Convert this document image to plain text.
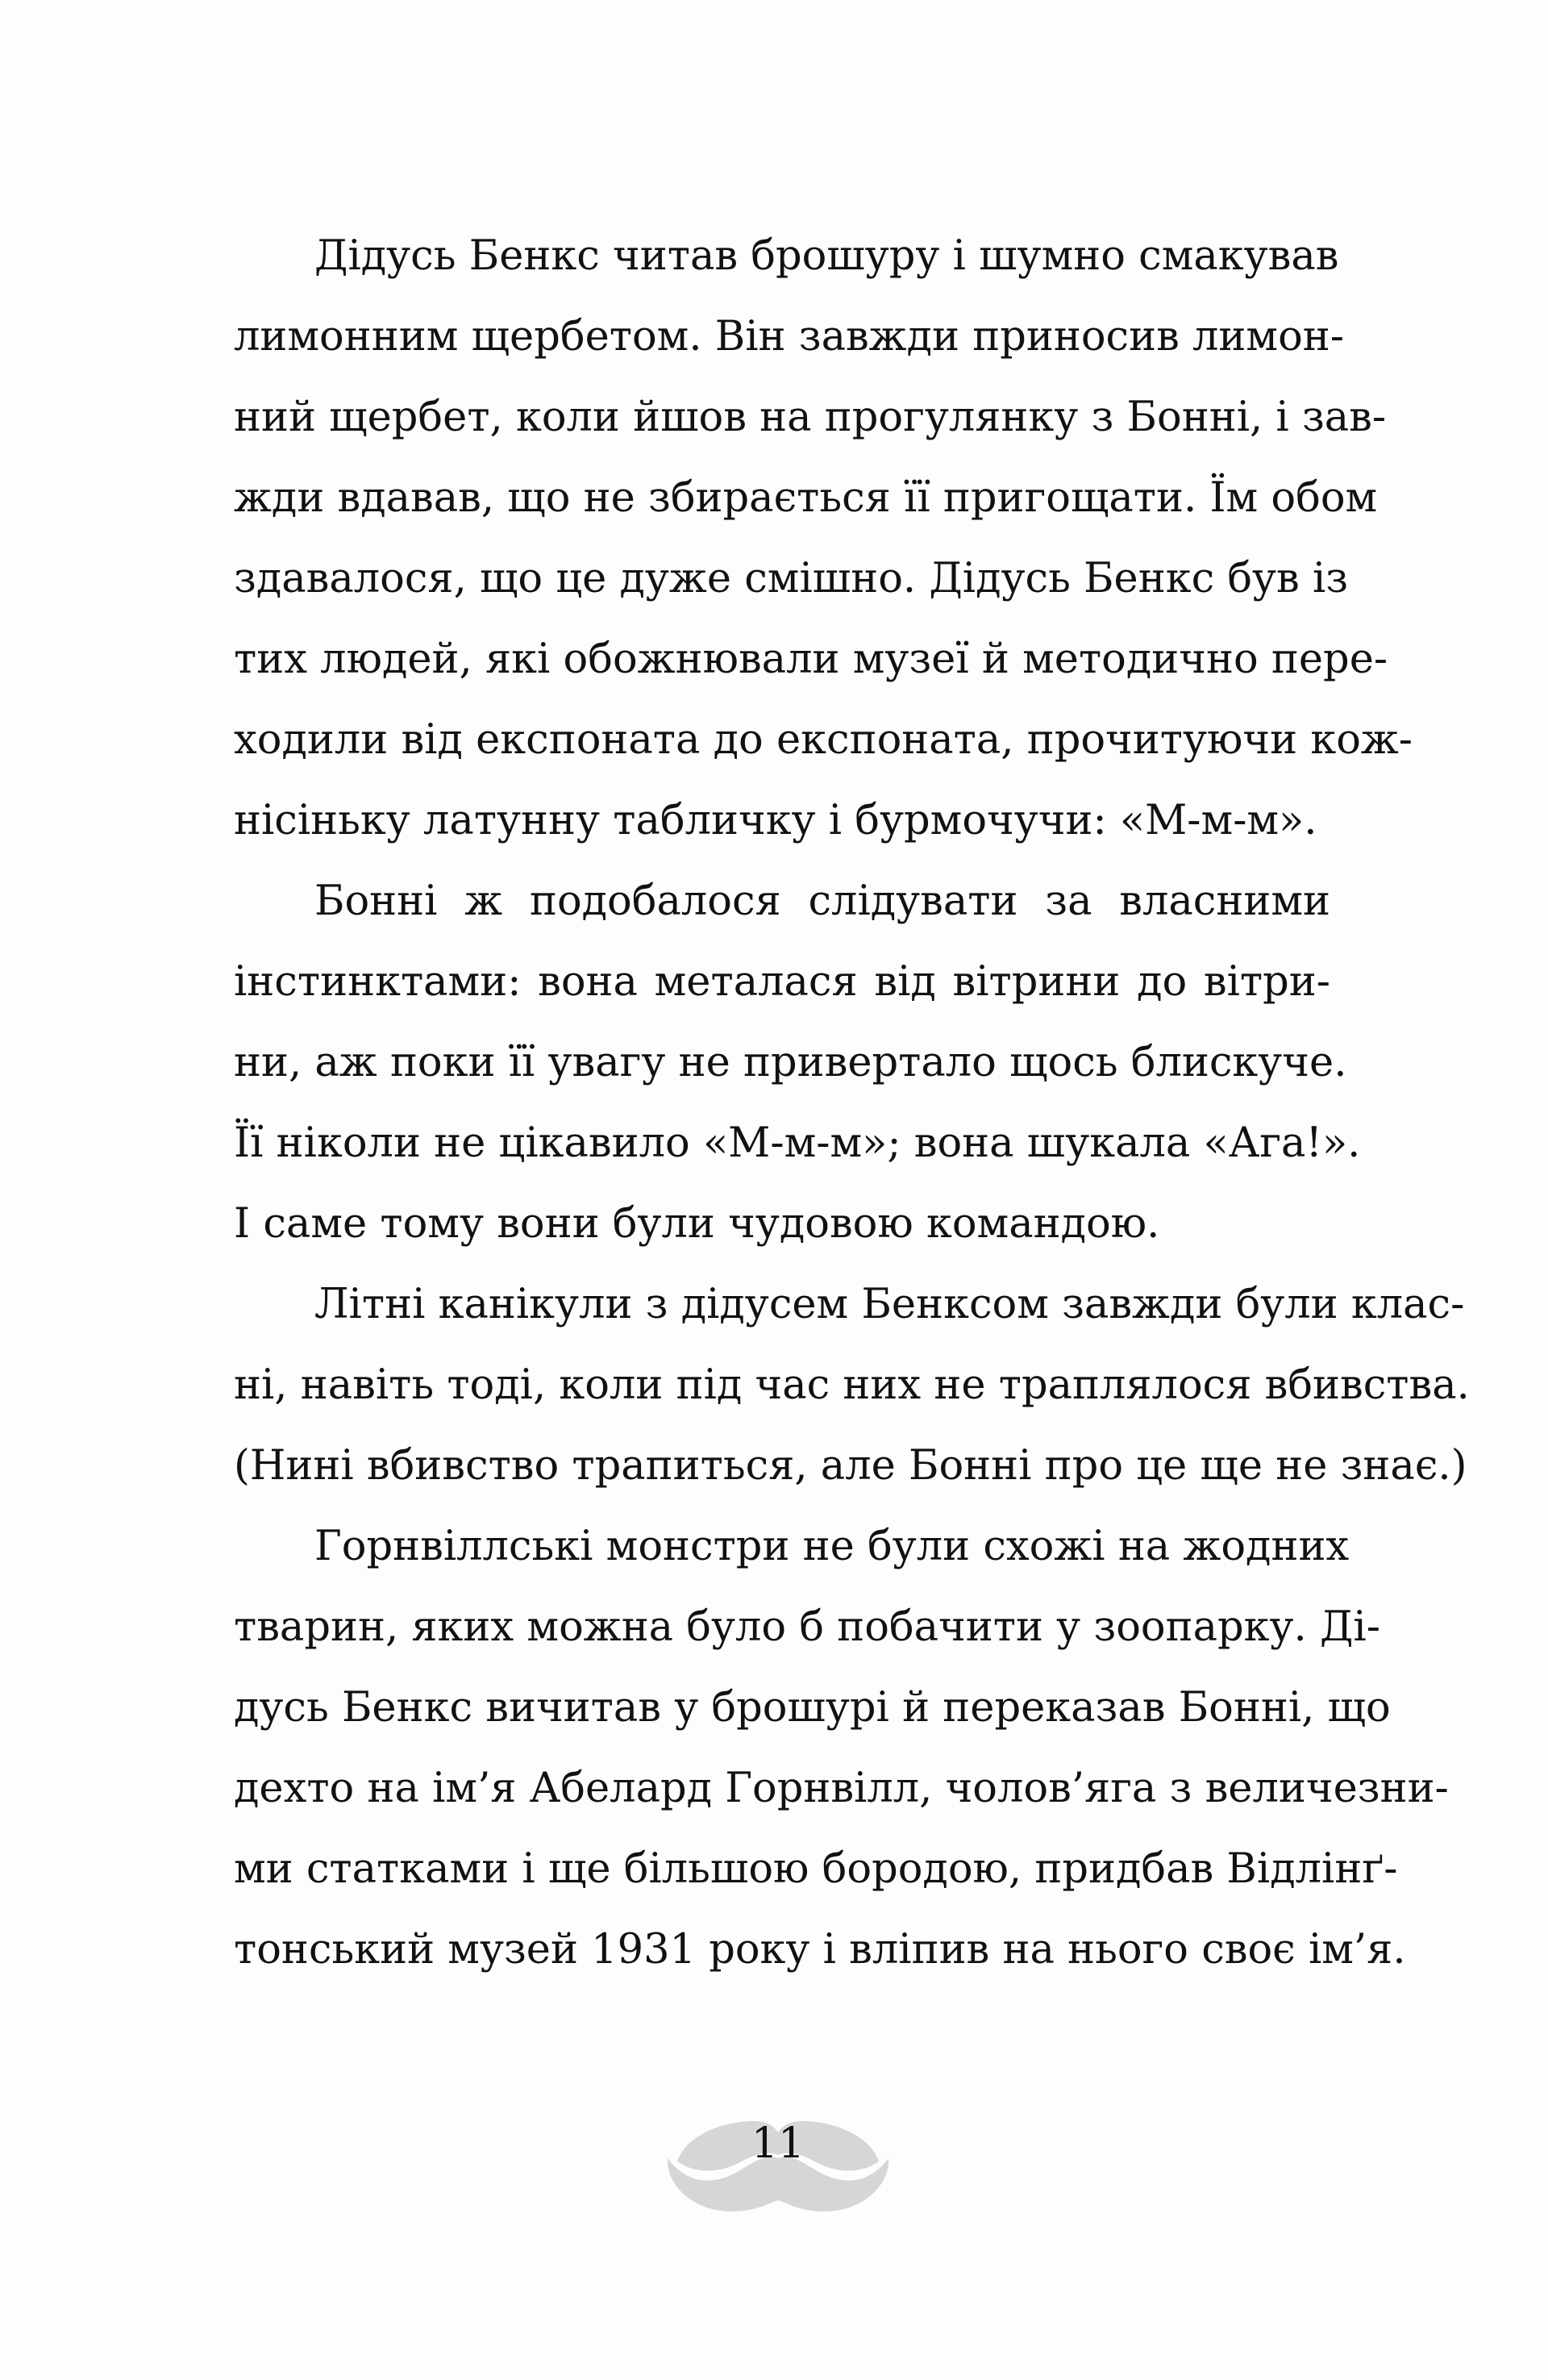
Дідусь Бенкс читав брошуру і шумно смакував
лимонним щербетом. Він завжди приносив лимон-
ний щербет, коли йшов на прогулянку з Бонні, і зав-
жди вдавав, що не збирається її пригощати. Їм обом
здавалося, що це дуже смішно. Дідусь Бенкс був із
тих людей, які обожнювали музеї й методично пере-
ходили від експоната до експоната, прочитуючи кож-
нісіньку латунну табличку і бурмочучи: «М-м-м».
Бонні ж подобалося слідувати за власними
інстинктами: вона металася від вітрини до вітри-
ни, аж поки її увагу не привертало щось блискуче.
Її ніколи не цікавило «М-м-м»; вона шукала «Ага!».
І саме тому вони були чудовою командою.
Літні канікули з дідусем Бенксом завжди були клас-
ні, навіть тоді, коли під час них не траплялося вбивства.
(Нині вбивство трапиться, але Бонні про це ще не знає.)
Горнвіллські монстри не були схожі на жодних
тварин, яких можна було б побачити у зоопарку. Ді-
дусь Бенкс вичитав у брошурі й переказав Бонні, що
дехто на ім’я Абелард Горнвілл, чолов’яга з величезни-
ми статками і ще більшою бородою, придбав Відлінґ-
тонський музей 1931 року і вліпив на нього своє ім’я.
11
